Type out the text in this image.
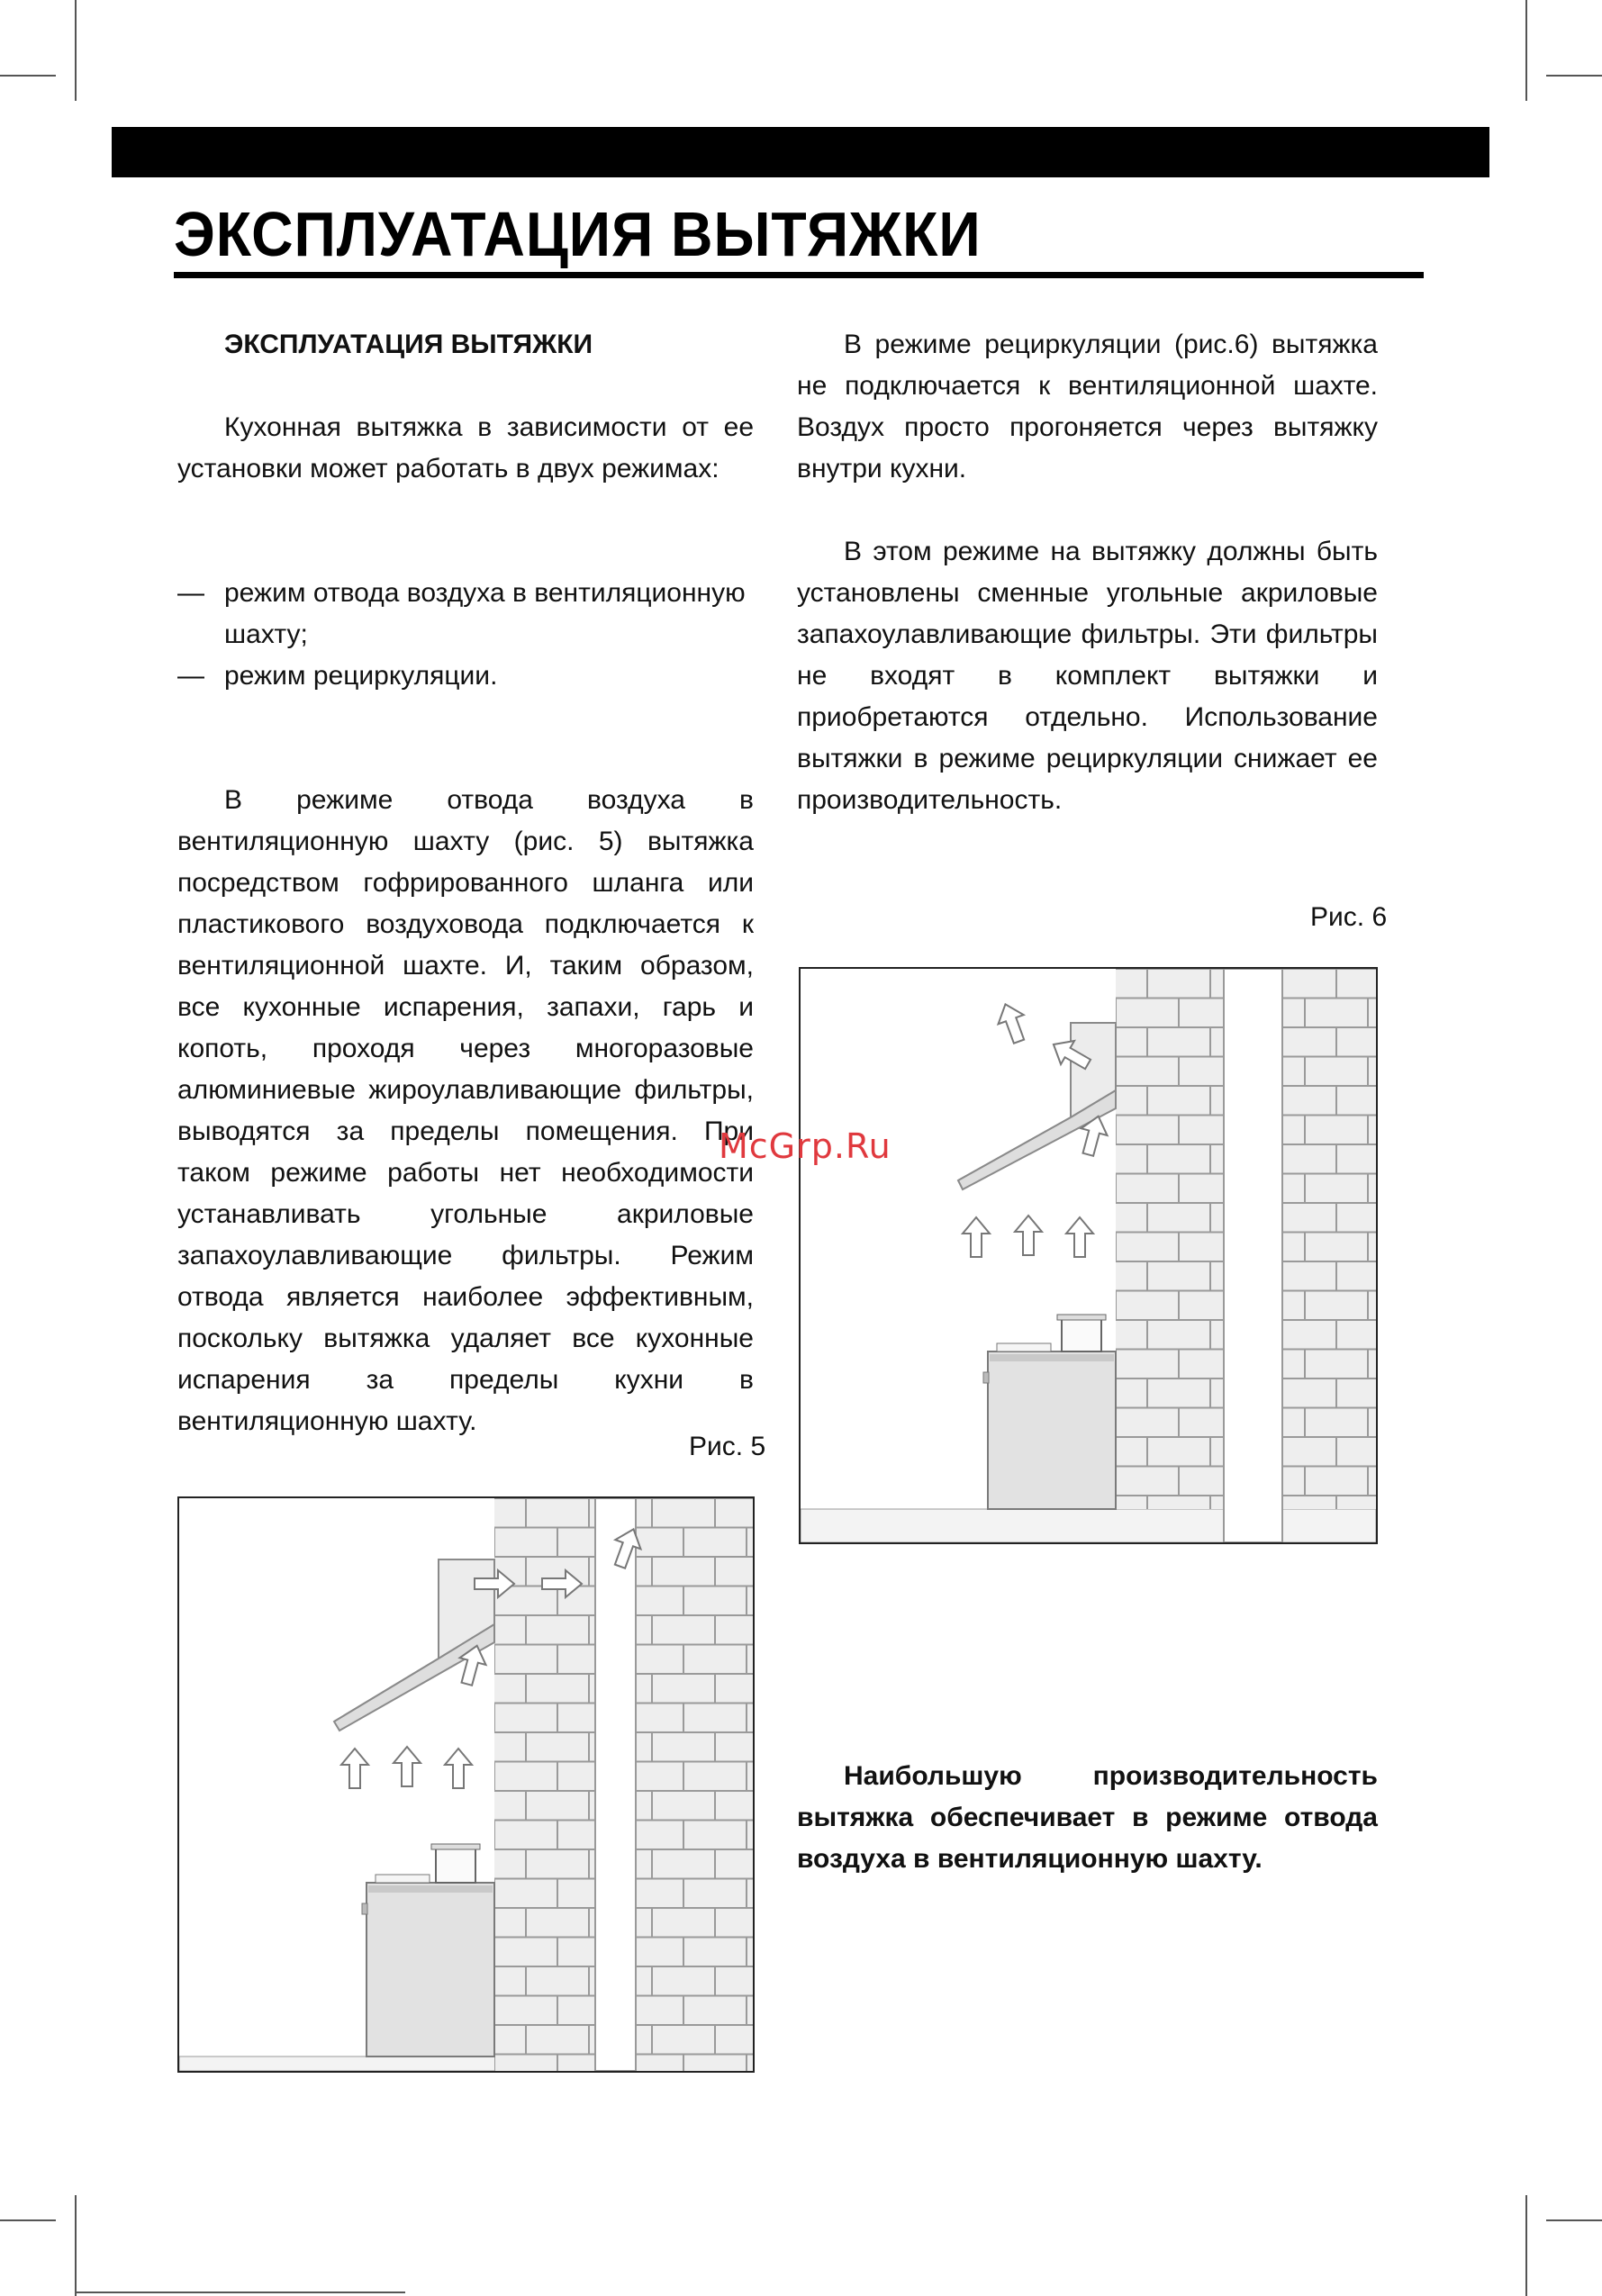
ЭКСПЛУАТАЦИЯ ВЫТЯЖКИ

ЭКСПЛУАТАЦИЯ ВЫТЯЖКИ

Кухонная вытяжка в зависимости от ее установки может работать в двух режимах:

— режим отвода воздуха в вентиляционную шахту;

— режим рециркуляции.

В режиме отвода воздуха в вентиляционную шахту (рис. 5) вытяжка посредством гофрированного шланга или пластикового воздуховода подключается к вентиляционной шахте. И, таким образом, все кухонные испарения, запахи, гарь и копоть, проходя через многоразовые алюминиевые жироулавливающие фильтры, выводятся за пределы помещения. При таком режиме работы нет необходимости устанавливать угольные акриловые запахоулавливающие фильтры. Режим отвода является наиболее эффективным, поскольку вытяжка удаляет все кухонные испарения за пределы кухни в вентиляционную шахту.

Рис. 5

В режиме рециркуляции (рис.6) вытяжка не подключается к вентиляционной шахте. Воздух просто прогоняется через вытяжку внутри кухни.

В этом режиме на вытяжку должны быть установлены сменные угольные акриловые запахоулавливающие фильтры. Эти фильтры не входят в комплект вытяжки и приобретаются отдельно. Использование вытяжки в режиме рециркуляции снижает ее производительность.

Рис. 6

Наибольшую производительность вытяжка обеспечивает в режиме отвода воздуха в вентиляционную шахту.

McGrp.Ru
